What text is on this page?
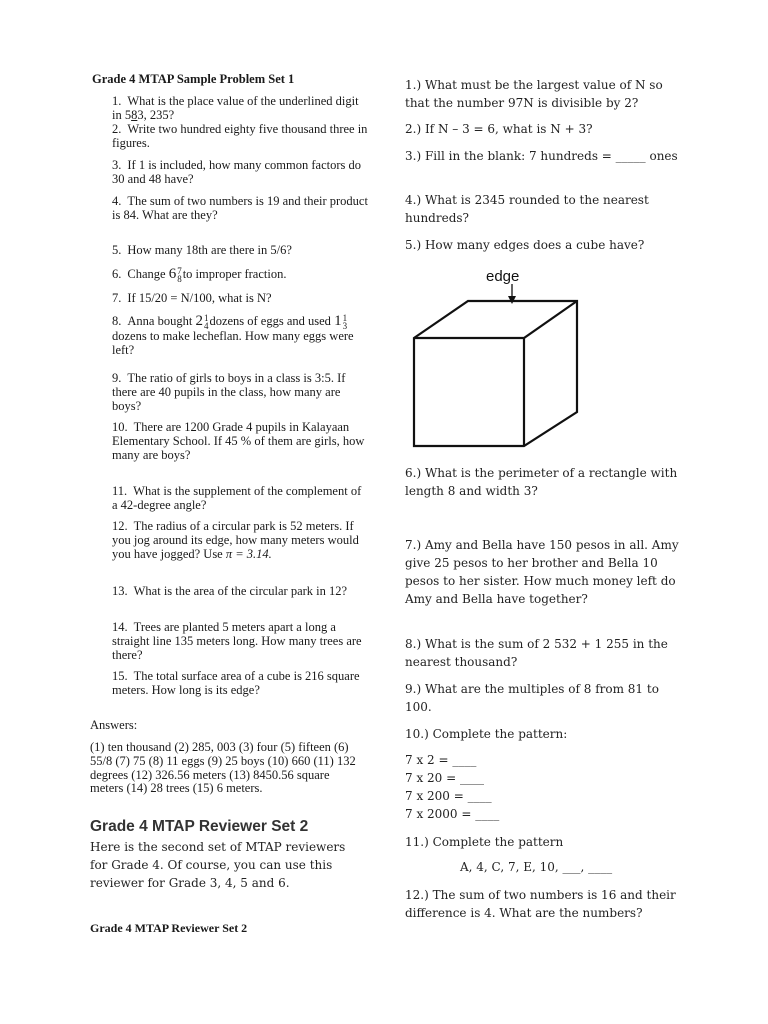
Grade 4 MTAP Sample Problem Set 1
1. What is the place value of the underlined digit in 583, 235?
2. Write two hundred eighty five thousand three in figures.
3. If 1 is included, how many common factors do 30 and 48 have?
4. The sum of two numbers is 19 and their product is 84. What are they?
5. How many 18th are there in 5/6?
6. Change 6 7
8 to improper fraction.
7. If 15/20 = N/100, what is N?
8. Anna bought 2 1
4 dozens of eggs and used 1 1
3
dozens to make lecheflan. How many eggs were left?
9. The ratio of girls to boys in a class is 3:5. If there are 40 pupils in the class, how many are boys?
10. There are 1200 Grade 4 pupils in Kalayaan Elementary School. If 45 % of them are girls, how many are boys?
11. What is the supplement of the complement of a 42-degree angle?
12. The radius of a circular park is 52 meters. If you jog around its edge, how many meters would you have jogged? Use π = 3.14.
13. What is the area of the circular park in 12?
14. Trees are planted 5 meters apart a long a straight line 135 meters long. How many trees are there?
15. The total surface area of a cube is 216 square meters. How long is its edge?
Answers:
(1) ten thousand (2) 285, 003 (3) four (5) fifteen (6) 55/8 (7) 75 (8) 11 eggs (9) 25 boys (10) 660 (11) 132 degrees (12) 326.56 meters (13) 8450.56 square meters (14) 28 trees (15) 6 meters.
Grade 4 MTAP Reviewer Set 2
Here is the second set of MTAP reviewers for Grade 4. Of course, you can use this reviewer for Grade 3, 4, 5 and 6.
Grade 4 MTAP Reviewer Set 2
1.) What must be the largest value of N so that the number 97N is divisible by 2?
2.) If N – 3 = 6, what is N + 3?
3.) Fill in the blank: 7 hundreds = _____ ones
4.) What is 2345 rounded to the nearest hundreds?
5.) How many edges does a cube have?
edge
6.) What is the perimeter of a rectangle with length 8 and width 3?
7.) Amy and Bella have 150 pesos in all. Amy give 25 pesos to her brother and Bella 10 pesos to her sister. How much money left do Amy and Bella have together?
8.) What is the sum of 2 532 + 1 255 in the nearest thousand?
9.) What are the multiples of 8 from 81 to 100.
10.) Complete the pattern:
7 x 2 = ____
7 x 20 = ____
7 x 200 = ____
7 x 2000 = ____
11.) Complete the pattern
A, 4, C, 7, E, 10, ___, ____
12.) The sum of two numbers is 16 and their difference is 4. What are the numbers?
